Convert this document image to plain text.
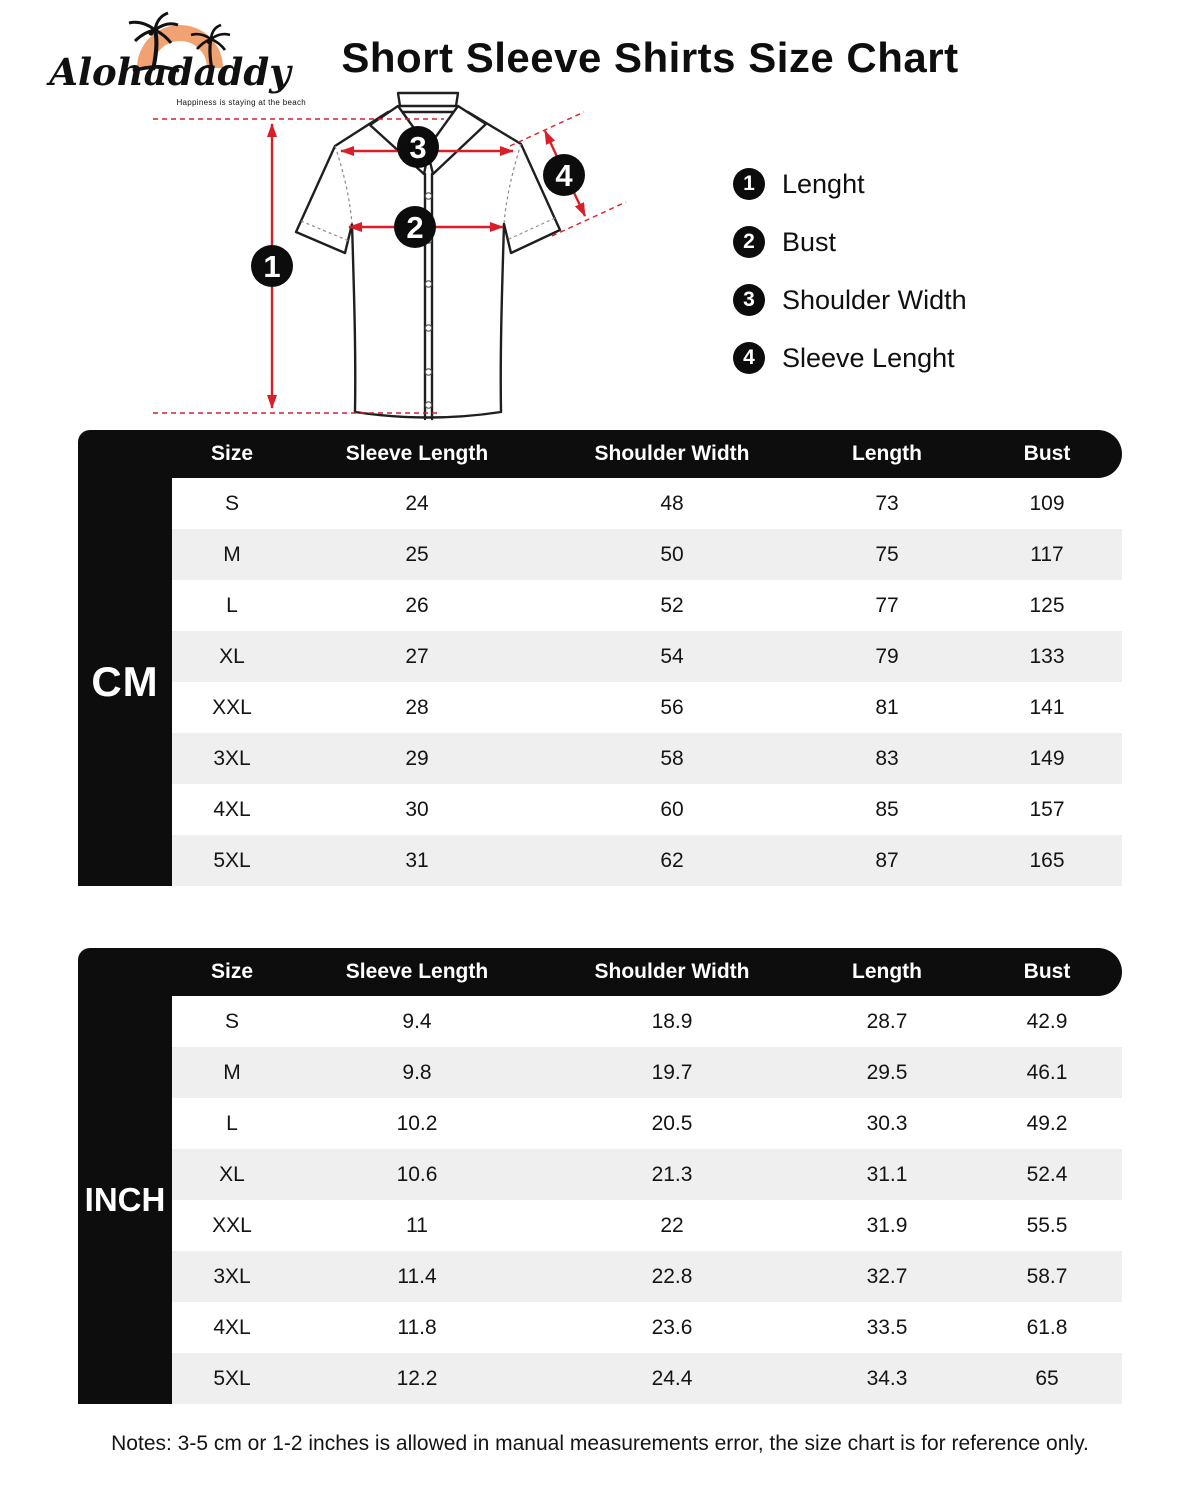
Alohadaddy
Happiness is staying at the beach
Short Sleeve Shirts Size Chart
1
2
3
4	1	Lenght
2	Bust
3	Shoulder Width
4	Sleeve Lenght
Size	Sleeve Length	Shoulder Width	Length	Bust
CM
S	24	48	73	109
M	25	50	75	117
L	26	52	77	125
XL	27	54	79	133
XXL	28	56	81	141
3XL	29	58	83	149
4XL	30	60	85	157
5XL	31	62	87	165
Size	Sleeve Length	Shoulder Width	Length	Bust
INCH
S	9.4	18.9	28.7	42.9
M	9.8	19.7	29.5	46.1
L	10.2	20.5	30.3	49.2
XL	10.6	21.3	31.1	52.4
XXL	11	22	31.9	55.5
3XL	11.4	22.8	32.7	58.7
4XL	11.8	23.6	33.5	61.8
5XL	12.2	24.4	34.3	65
Notes: 3-5 cm or 1-2 inches is allowed in manual measurements error, the size chart is for reference only.
